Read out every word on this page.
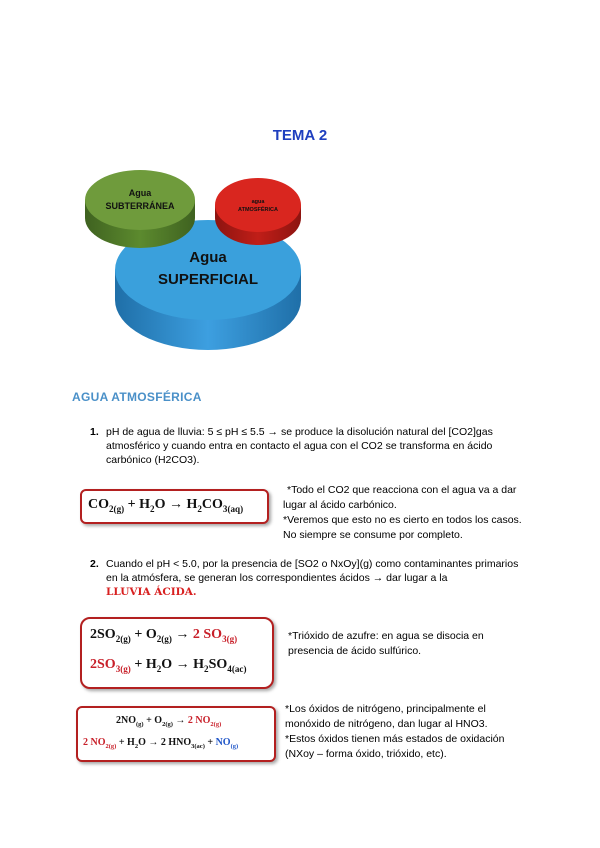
TEMA 2
Agua
SUBTERRÁNEA	agua
ATMOSFÉRICA
Agua
SUPERFICIAL
AGUA ATMOSFÉRICA
1. pH de agua de lluvia: 5 ≤ pH ≤ 5.5 → se produce la disolución natural del [CO2]gas atmosférico y cuando entra en contacto el agua con el CO2 se transforma en ácido carbónico (H2CO3).
$CO_{2(g)} + H_2O \to H_2CO_{3(aq)}$
*Todo el CO2 que reacciona con el agua va a dar lugar al ácido carbónico.
*Veremos que esto no es cierto en todos los casos. No siempre se consume por completo.
2. Cuando el pH < 5.0, por la presencia de [SO2 o NxOy](g) como contaminantes primarios en la atmósfera, se generan los correspondientes ácidos → dar lugar a la
LLUVIA ÁCIDA.
$2SO_{2(g)} + O_{2(g)} \to 2$ $SO_{3(g)}$
$2SO_{3(g)} + H_2O \to H_2SO_{4(ac)}$
*Trióxido de azufre: en agua se disocia en presencia de ácido sulfúrico.
$2NO_{(g)} + O_{2(g)} \to 2$ $NO_{2(g)}$
2 $NO_{2(g)} + H_2O \to 2$ $HNO_{3(ac)} + NO_{(g)}$
*Los óxidos de nitrógeno, principalmente el monóxido de nitrógeno, dan lugar al HNO3.
*Estos óxidos tienen más estados de oxidación (NXoy – forma óxido, trióxido, etc).
